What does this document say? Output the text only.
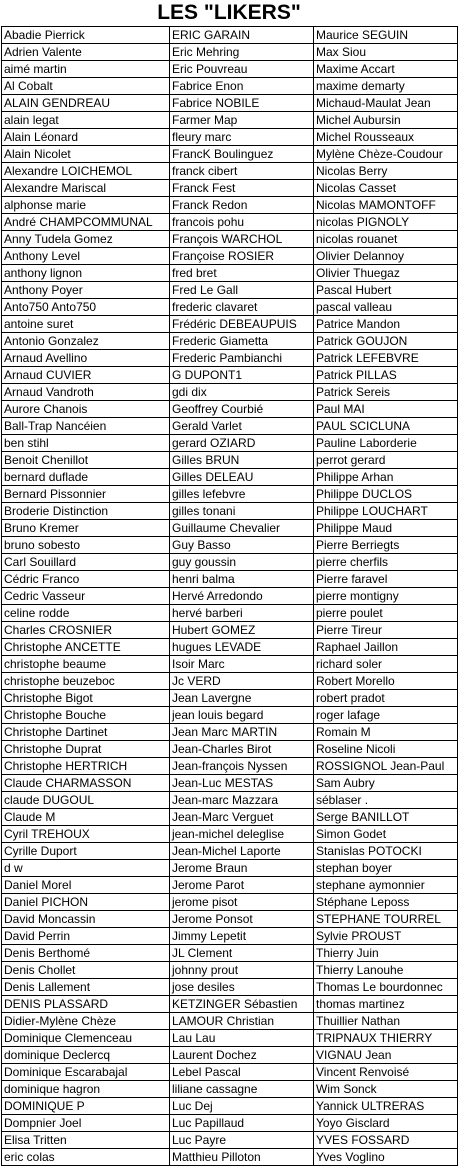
LES "LIKERS"
Abadie Pierrick	ERIC GARAIN	Maurice SEGUIN
Adrien Valente	Eric Mehring	Max Siou
aimé martin	Eric Pouvreau	Maxime Accart
Al Cobalt	Fabrice Enon	maxime demarty
ALAIN GENDREAU	Fabrice NOBILE	Michaud-Maulat Jean
alain legat	Farmer Map	Michel Aubursin
Alain Léonard	fleury marc	Michel Rousseaux
Alain Nicolet	FrancK Boulinguez	Mylène Chèze-Coudour
Alexandre LOICHEMOL	franck cibert	Nicolas Berry
Alexandre Mariscal	Franck Fest	Nicolas Casset
alphonse marie	Franck Redon	Nicolas MAMONTOFF
André CHAMPCOMMUNAL	francois pohu	nicolas PIGNOLY
Anny Tudela Gomez	François WARCHOL	nicolas rouanet
Anthony Level	Françoise ROSIER	Olivier Delannoy
anthony lignon	fred bret	Olivier Thuegaz
Anthony Poyer	Fred Le Gall	Pascal Hubert
Anto750 Anto750	frederic clavaret	pascal valleau
antoine suret	Frédéric DEBEAUPUIS	Patrice Mandon
Antonio Gonzalez	Frederic Giametta	Patrick GOUJON
Arnaud Avellino	Frederic Pambianchi	Patrick LEFEBVRE
Arnaud CUVIER	G DUPONT1	Patrick PILLAS
Arnaud Vandroth	gdi dix	Patrick Sereis
Aurore Chanois	Geoffrey Courbié	Paul MAI
Ball-Trap Nancéien	Gerald Varlet	PAUL SCICLUNA
ben stihl	gerard OZIARD	Pauline Laborderie
Benoit Chenillot	Gilles BRUN	perrot gerard
bernard duflade	Gilles DELEAU	Philippe Arhan
Bernard Pissonnier	gilles lefebvre	Philippe DUCLOS
Broderie Distinction	gilles tonani	Philippe LOUCHART
Bruno Kremer	Guillaume Chevalier	Philippe Maud
bruno sobesto	Guy Basso	Pierre Berriegts
Carl Souillard	guy goussin	pierre cherfils
Cédric Franco	henri balma	Pierre faravel
Cedric Vasseur	Hervé Arredondo	pierre montigny
celine rodde	hervé barberi	pierre poulet
Charles CROSNIER	Hubert GOMEZ	Pierre Tireur
Christophe ANCETTE	hugues LEVADE	Raphael Jaillon
christophe beaume	Isoir Marc	richard soler
christophe beuzeboc	Jc VERD	Robert Morello
Christophe Bigot	Jean Lavergne	robert pradot
Christophe Bouche	jean louis begard	roger lafage
Christophe Dartinet	Jean Marc MARTIN	Romain M
Christophe Duprat	Jean-Charles Birot	Roseline Nicoli
Christophe HERTRICH	Jean-françois Nyssen	ROSSIGNOL Jean-Paul
Claude CHARMASSON	Jean-Luc MESTAS	Sam Aubry
claude DUGOUL	Jean-marc Mazzara	séblaser .
Claude M	Jean-Marc Verguet	Serge BANILLOT
Cyril TREHOUX	jean-michel deleglise	Simon Godet
Cyrille Duport	Jean-Michel Laporte	Stanislas POTOCKI
d w	Jerome Braun	stephan boyer
Daniel Morel	Jerome Parot	stephane aymonnier
Daniel PICHON	jerome pisot	Stéphane Leposs
David Moncassin	Jerome Ponsot	STEPHANE TOURREL
David Perrin	Jimmy Lepetit	Sylvie PROUST
Denis Berthomé	JL Clement	Thierry Juin
Denis Chollet	johnny prout	Thierry Lanouhe
Denis Lallement	jose desiles	Thomas Le bourdonnec
DENIS PLASSARD	KETZINGER Sébastien	thomas martinez
Didier-Mylène Chèze	LAMOUR Christian	Thuillier Nathan
Dominique Clemenceau	Lau Lau	TRIPNAUX THIERRY
dominique Declercq	Laurent Dochez	VIGNAU Jean
Dominique Escarabajal	Lebel Pascal	Vincent Renvoisé
dominique hagron	liliane cassagne	Wim Sonck
DOMINIQUE P	Luc Dej	Yannick ULTRERAS
Dompnier Joel	Luc Papillaud	Yoyo Gisclard
Elisa Tritten	Luc Payre	YVES FOSSARD
eric colas	Matthieu Pilloton	Yves Voglino
